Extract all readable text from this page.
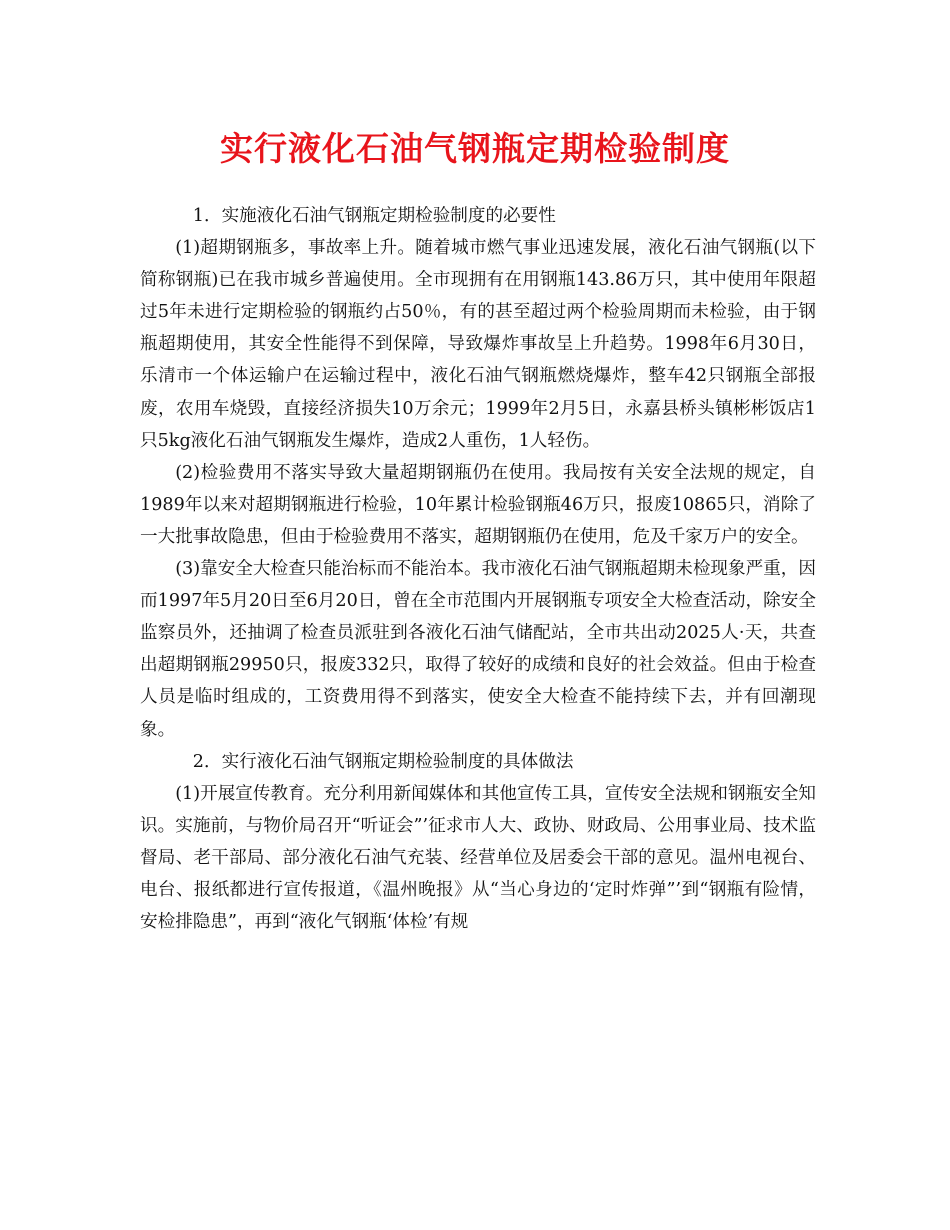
实行液化石油气钢瓶定期检验制度

1．实施液化石油气钢瓶定期检验制度的必要性

(1)超期钢瓶多，事故率上升。随着城市燃气事业迅速发展，液化石油气钢瓶(以下简称钢瓶)已在我市城乡普遍使用。全市现拥有在用钢瓶143.86万只，其中使用年限超过5年未进行定期检验的钢瓶约占50％，有的甚至超过两个检验周期而未检验，由于钢瓶超期使用，其安全性能得不到保障，导致爆炸事故呈上升趋势。1998年6月30日，乐清市一个体运输户在运输过程中，液化石油气钢瓶燃烧爆炸，整车42只钢瓶全部报废，农用车烧毁，直接经济损失10万余元；1999年2月5日，永嘉县桥头镇彬彬饭店1只5kg液化石油气钢瓶发生爆炸，造成2人重伤，1人轻伤。

(2)检验费用不落实导致大量超期钢瓶仍在使用。我局按有关安全法规的规定，自1989年以来对超期钢瓶进行检验，10年累计检验钢瓶46万只，报废10865只，消除了一大批事故隐患，但由于检验费用不落实，超期钢瓶仍在使用，危及千家万户的安全。

(3)靠安全大检查只能治标而不能治本。我市液化石油气钢瓶超期未检现象严重，因而1997年5月20日至6月20日，曾在全市范围内开展钢瓶专项安全大检查活动，除安全监察员外，还抽调了检查员派驻到各液化石油气储配站，全市共出动2025人·天，共查出超期钢瓶29950只，报废332只，取得了较好的成绩和良好的社会效益。但由于检查人员是临时组成的，工资费用得不到落实，使安全大检查不能持续下去，并有回潮现象。

2．实行液化石油气钢瓶定期检验制度的具体做法

(1)开展宣传教育。充分利用新闻媒体和其他宣传工具，宣传安全法规和钢瓶安全知识。实施前，与物价局召开“听证会”’征求市人大、政协、财政局、公用事业局、技术监督局、老干部局、部分液化石油气充装、经营单位及居委会干部的意见。温州电视台、电台、报纸都进行宣传报道，《温州晚报》从“当心身边的‘定时炸弹”’到“钢瓶有险情，安检排隐患”，再到“液化气钢瓶‘体检’有规
